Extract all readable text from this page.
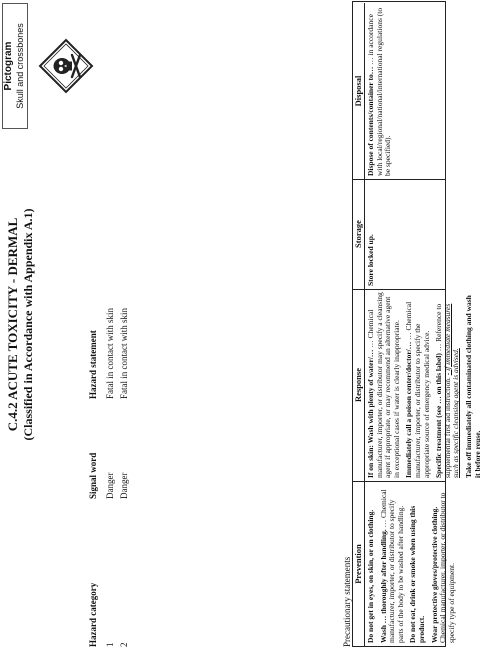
C.4.2 ACUTE TOXICITY - DERMAL (Classified in Accordance with Appendix A.1)
Hazard category
Signal word
Hazard statement
1
Danger
Fatal in contact with skin
2
Danger
Fatal in contact with skin
Pictogram Skull and crossbones
Precautionary statements Prevention Do not get in eyes, on skin, or on clothing. Wash … thoroughly after handling. … Chemical manufacturer, importer, or distributor to specify parts of the body to be washed after handling. Do not eat, drink or smoke when using this product. Wear protective gloves/protective clothing. Chemical manufacturer, importer, or distributor to specify type of equipment.

Response If on skin: Wash with plenty of water/… … Chemical manufacturer, importer, or distributor may specify a cleansing agent if appropriate, or may recommend an alternative agent in exceptional cases if water is clearly inappropriate. Immediately call a poison center/doctor/… … Chemical manufacturer, importer, or distributor to specify the appropriate source of emergency medical advice. Specific treatment (see … on this label) … Reference to supplemental first aid instruction. - if immediate measures such as specific cleansing agent is advised. Take off immediately all contaminated clothing and wash it before reuse.

Storage

Store locked up.

Disposal Dispose of contents/container to… … in accordance with local/regional/national/international regulations (to be specified).
